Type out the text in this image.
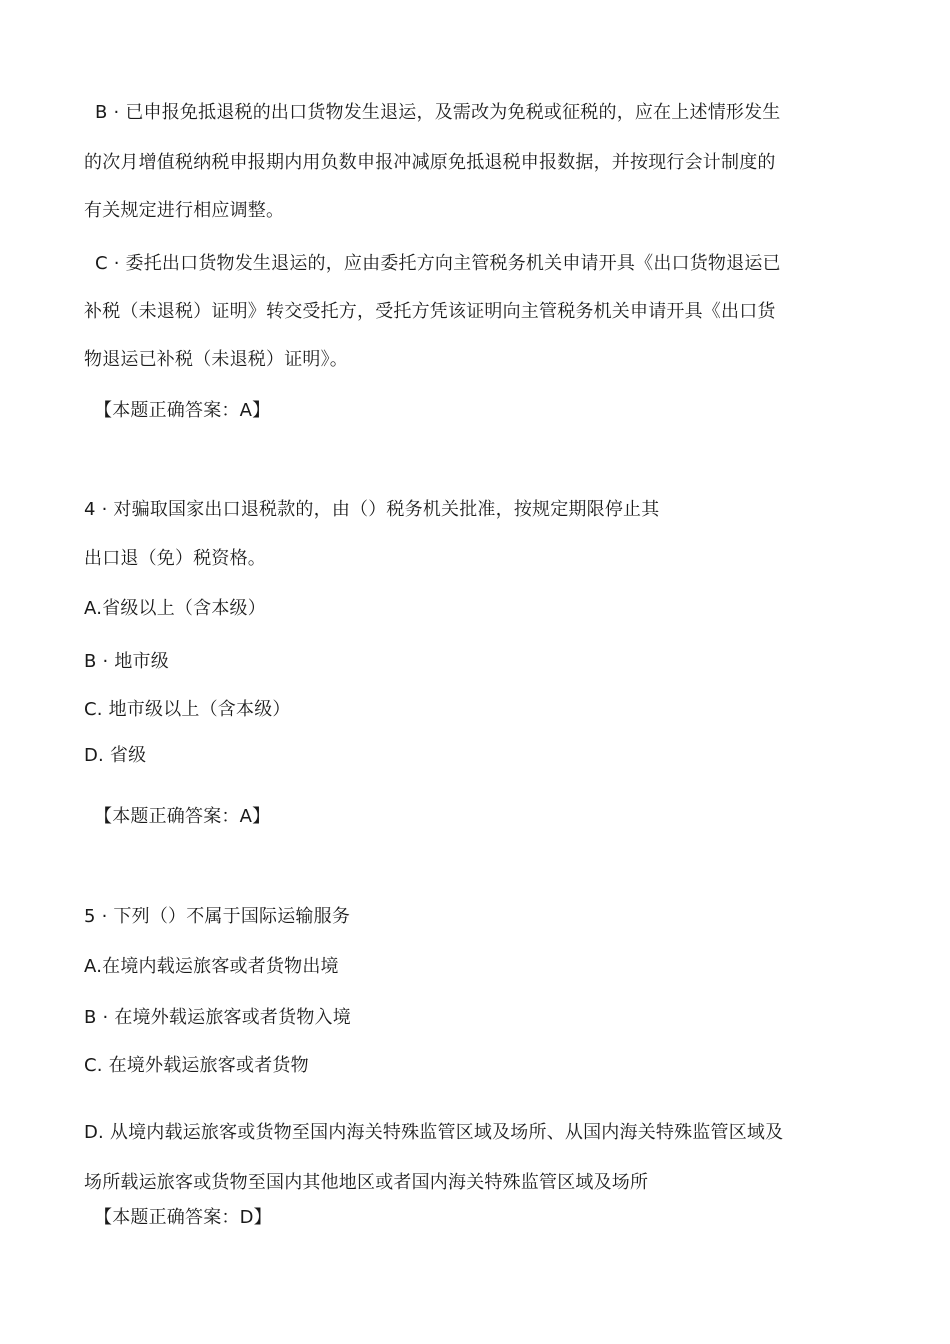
B · 已申报免抵退税的出口货物发生退运，及需改为免税或征税的，应在上述情形发生
的次月增值税纳税申报期内用负数申报冲减原免抵退税申报数据，并按现行会计制度的
有关规定进行相应调整。
C · 委托出口货物发生退运的，应由委托方向主管税务机关申请开具《出口货物退运已
补税（未退税）证明》转交受托方，受托方凭该证明向主管税务机关申请开具《出口货
物退运已补税（未退税）证明》。
【本题正确答案：A】
4 · 对骗取国家出口退税款的，由（）税务机关批准，按规定期限停止其
出口退（免）税资格。
A.省级以上（含本级）
B · 地市级
C. 地市级以上（含本级）
D. 省级
【本题正确答案：A】
5 · 下列（）不属于国际运输服务
A.在境内载运旅客或者货物出境
B · 在境外载运旅客或者货物入境
C. 在境外载运旅客或者货物
D. 从境内载运旅客或货物至国内海关特殊监管区域及场所、从国内海关特殊监管区域及
场所载运旅客或货物至国内其他地区或者国内海关特殊监管区域及场所
【本题正确答案：D】
